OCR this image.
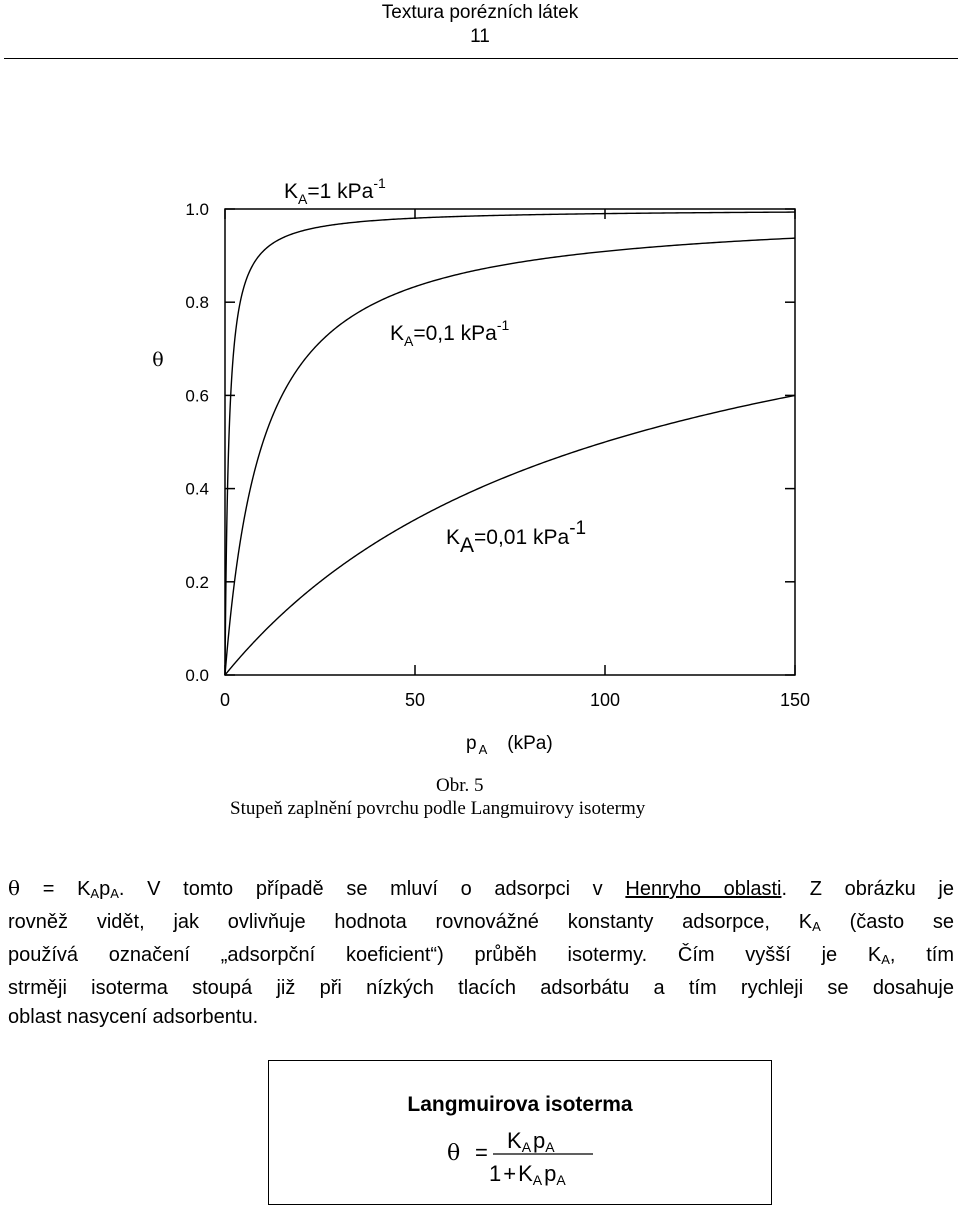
Textura porézních látek
11
0.0
0.2
0.4
0.6
0.8
1.0
0	50	100	150
θ
$K_A=1$ kPa$^{-1}$
$K_A=0,1$ kPa$^{-1}$
KA=0,01 kPa-1
p $_A$ (kPa)
Obr. 5
Stupeň zaplnění povrchu podle Langmuirovy isotermy
$\theta = K_Ap_A$. V tomto případě se mluví o adsorpci v Henryho oblasti. Z obrázku je
rovněž vidět, jak ovlivňuje hodnota rovnovážné konstanty adsorpce, $K_A$ (často se
používá označení „adsorpční koeficient“) průběh isotermy. Čím vyšší je $K_A$, tím
strměji isoterma stoupá již při nízkých tlacích adsorbátu a tím rychleji se dosahuje
oblast nasycení adsorbentu.
Langmuirova isoterma
θ = KApA
1+KApA
